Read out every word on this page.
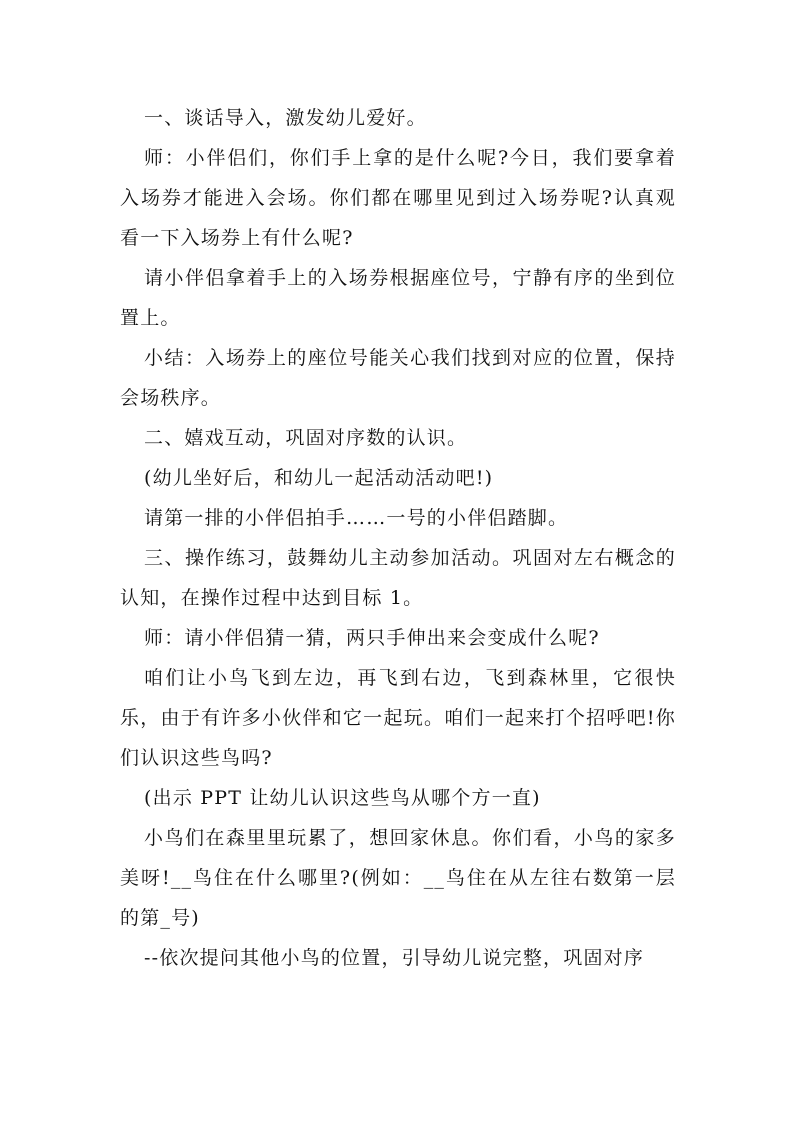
一、谈话导入，激发幼儿爱好。

师：小伴侣们，你们手上拿的是什么呢?今日，我们要拿着入场券才能进入会场。你们都在哪里见到过入场券呢?认真观看一下入场券上有什么呢?

请小伴侣拿着手上的入场券根据座位号，宁静有序的坐到位置上。

小结：入场券上的座位号能关心我们找到对应的位置，保持会场秩序。

二、嬉戏互动，巩固对序数的认识。

(幼儿坐好后，和幼儿一起活动活动吧!)

请第一排的小伴侣拍手……一号的小伴侣踏脚。

三、操作练习，鼓舞幼儿主动参加活动。巩固对左右概念的认知，在操作过程中达到目标 1。

师：请小伴侣猜一猜，两只手伸出来会变成什么呢?

咱们让小鸟飞到左边，再飞到右边，飞到森林里，它很快乐，由于有许多小伙伴和它一起玩。咱们一起来打个招呼吧!你们认识这些鸟吗?

(出示 PPT 让幼儿认识这些鸟从哪个方一直)

小鸟们在森里里玩累了，想回家休息。你们看，小鸟的家多美呀!__鸟住在什么哪里?(例如：__鸟住在从左往右数第一层的第_号)

--依次提问其他小鸟的位置，引导幼儿说完整，巩固对序
